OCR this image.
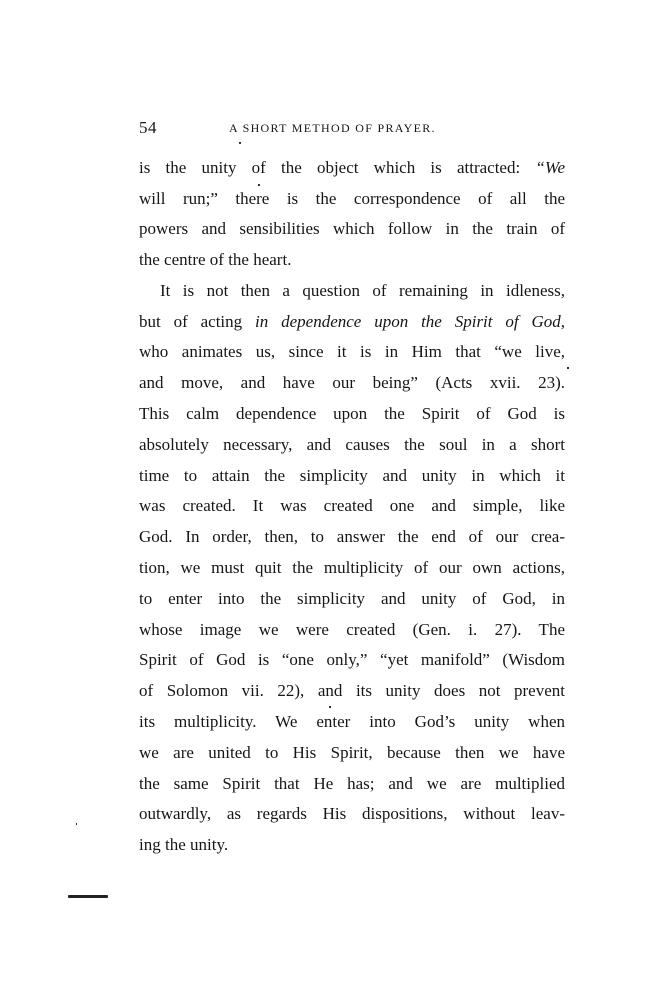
54	A SHORT METHOD OF PRAYER.
is the unity of the object which is attracted: “We
will run;” there is the correspondence of all the
powers and sensibilities which follow in the train of
the centre of the heart.
It is not then a question of remaining in idleness,
but of acting in dependence upon the Spirit of God,
who animates us, since it is in Him that “we live,
and move, and have our being” (Acts xvii. 23).
This calm dependence upon the Spirit of God is
absolutely necessary, and causes the soul in a short
time to attain the simplicity and unity in which it
was created. It was created one and simple, like
God. In order, then, to answer the end of our crea-
tion, we must quit the multiplicity of our own actions,
to enter into the simplicity and unity of God, in
whose image we were created (Gen. i. 27). The
Spirit of God is “one only,” “yet manifold” (Wisdom
of Solomon vii. 22), and its unity does not prevent
its multiplicity. We enter into God’s unity when
we are united to His Spirit, because then we have
the same Spirit that He has; and we are multiplied
outwardly, as regards His dispositions, without leav-
ing the unity.
